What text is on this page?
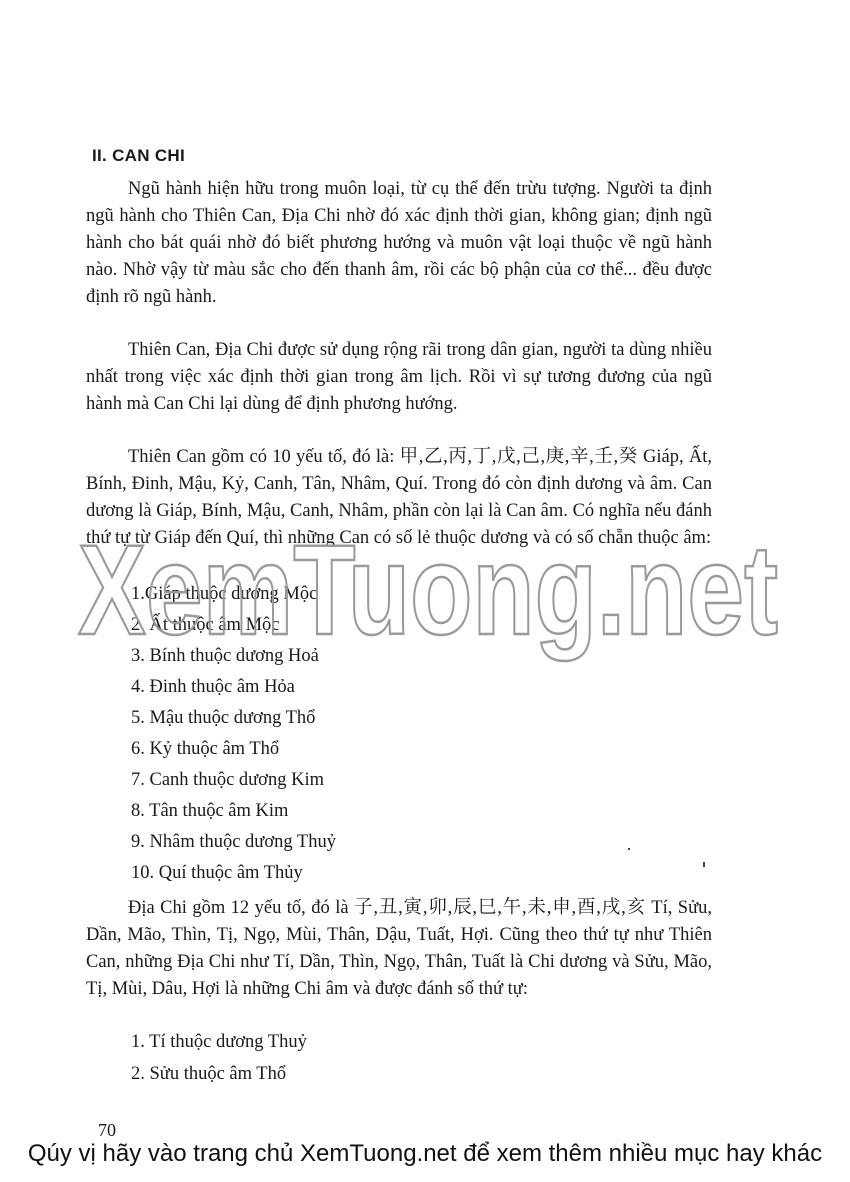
II. CAN CHI

Ngũ hành hiện hữu trong muôn loại, từ cụ thể đến trừu tượng. Người ta định ngũ hành cho Thiên Can, Địa Chi nhờ đó xác định thời gian, không gian; định ngũ hành cho bát quái nhờ đó biết phương hướng và muôn vật loại thuộc về ngũ hành nào. Nhờ vậy từ màu sắc cho đến thanh âm, rồi các bộ phận của cơ thể... đều được định rõ ngũ hành.

Thiên Can, Địa Chi được sử dụng rộng rãi trong dân gian, người ta dùng nhiều nhất trong việc xác định thời gian trong âm lịch. Rồi vì sự tương đương của ngũ hành mà Can Chi lại dùng để định phương hướng.

Thiên Can gồm có 10 yếu tố, đó là: 甲,乙,丙,丁,戊,己,庚,辛,壬,癸 Giáp, Ất, Bính, Đinh, Mậu, Kỷ, Canh, Tân, Nhâm, Quí. Trong đó còn định dương và âm. Can dương là Giáp, Bính, Mậu, Canh, Nhâm, phần còn lại là Can âm. Có nghĩa nếu đánh thứ tự từ Giáp đến Quí, thì những Can có số lẻ thuộc dương và có số chẵn thuộc âm:

1.Giáp thuộc dương Mộc
2. Ất thuộc âm Mộc
3. Bính thuộc dương Hoả
4. Đinh thuộc âm Hỏa
5. Mậu thuộc dương Thổ
6. Kỷ thuộc âm Thổ
7. Canh thuộc dương Kim
8. Tân thuộc âm Kim
9. Nhâm thuộc dương Thuỷ
10. Quí thuộc âm Thủy

Địa Chi gồm 12 yếu tố, đó là 子,丑,寅,卯,辰,巳,午,未,申,酉,戌,亥 Tí, Sửu, Dần, Mão, Thìn, Tị, Ngọ, Mùi, Thân, Dậu, Tuất, Hợi. Cũng theo thứ tự như Thiên Can, những Địa Chi như Tí, Dần, Thìn, Ngọ, Thân, Tuất là Chi dương và Sửu, Mão, Tị, Mùi, Dâu, Hợi là những Chi âm và được đánh số thứ tự:

1. Tí thuộc dương Thuỷ
2. Sửu thuộc âm Thổ
XemTuong.net
70
Qúy vị hãy vào trang chủ XemTuong.net để xem thêm nhiều mục hay khác
